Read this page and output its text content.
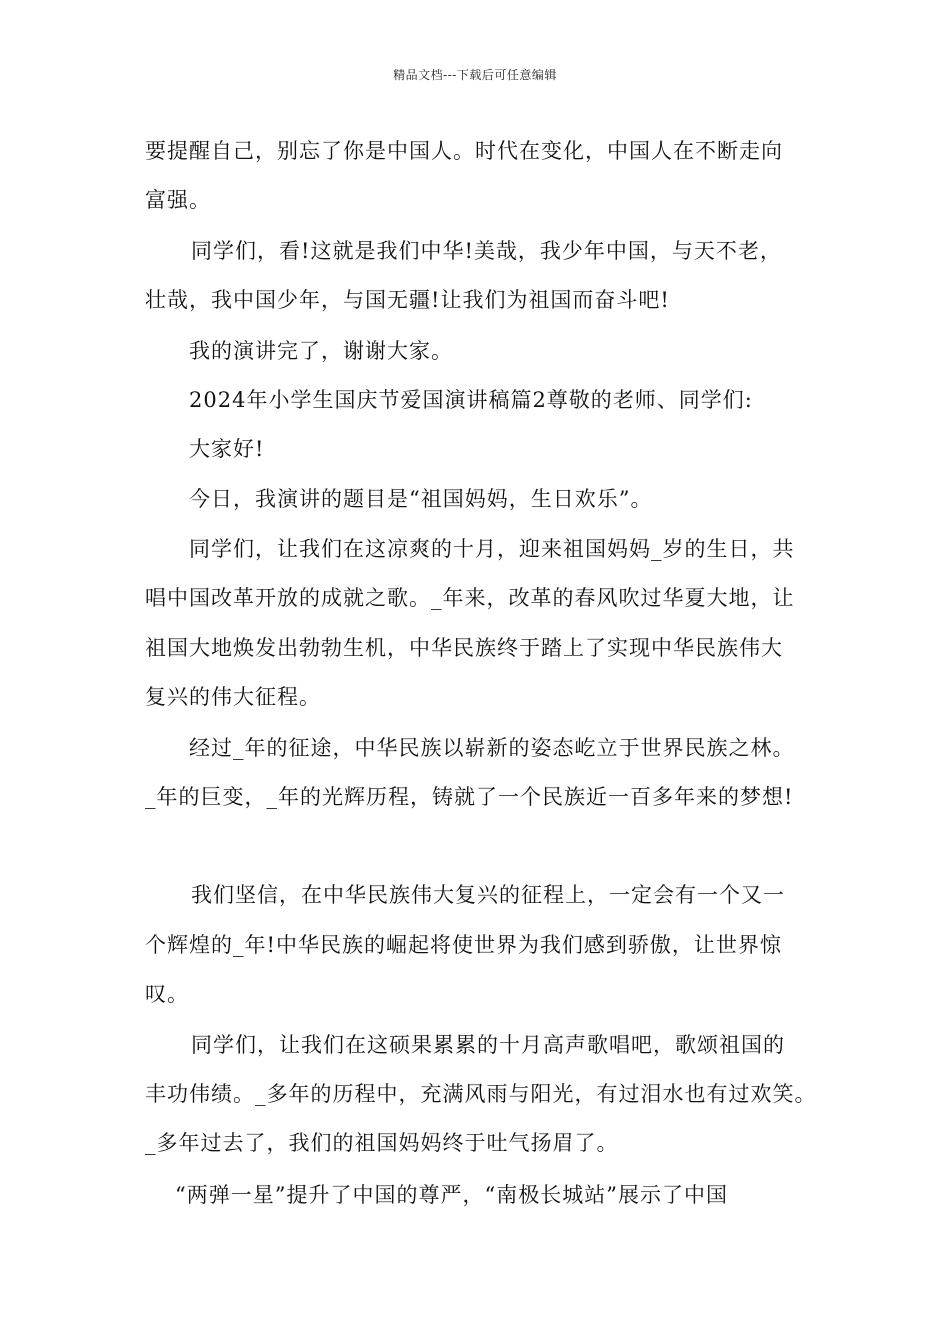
精品文档---下载后可任意编辑
要提醒自己，别忘了你是中国人。时代在变化，中国人在不断走向
富强。
同学们，看!这就是我们中华!美哉，我少年中国，与天不老，
壮哉，我中国少年，与国无疆!让我们为祖国而奋斗吧!
我的演讲完了，谢谢大家。
2024年小学生国庆节爱国演讲稿篇2尊敬的老师、同学们:
大家好!
今日，我演讲的题目是“祖国妈妈，生日欢乐”。
同学们，让我们在这凉爽的十月，迎来祖国妈妈_岁的生日，共
唱中国改革开放的成就之歌。_年来，改革的春风吹过华夏大地，让
祖国大地焕发出勃勃生机，中华民族终于踏上了实现中华民族伟大
复兴的伟大征程。
经过_年的征途，中华民族以崭新的姿态屹立于世界民族之林。
_年的巨变，_年的光辉历程，铸就了一个民族近一百多年来的梦想!
我们坚信，在中华民族伟大复兴的征程上，一定会有一个又一
个辉煌的_年!中华民族的崛起将使世界为我们感到骄傲，让世界惊
叹。
同学们，让我们在这硕果累累的十月高声歌唱吧，歌颂祖国的
丰功伟绩。_多年的历程中，充满风雨与阳光，有过泪水也有过欢笑。
_多年过去了，我们的祖国妈妈终于吐气扬眉了。
“两弹一星”提升了中国的尊严，“南极长城站”展示了中国
